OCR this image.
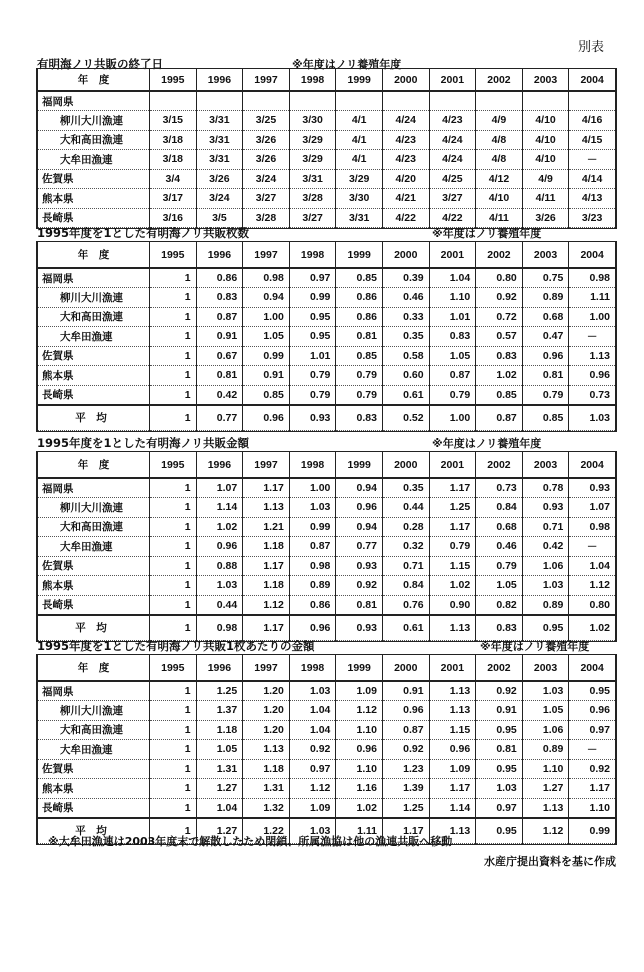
別表
有明海ノリ共販の終了日	※年度はノリ養殖年度
年　度	1995	1996	1997	1998	1999	2000	2001	2002	2003	2004
福岡県										
柳川大川漁連	3/15	3/31	3/25	3/30	4/1	4/24	4/23	4/9	4/10	4/16
大和高田漁連	3/18	3/31	3/26	3/29	4/1	4/23	4/24	4/8	4/10	4/15
大牟田漁連	3/18	3/31	3/26	3/29	4/1	4/23	4/24	4/8	4/10	－
佐賀県	3/4	3/26	3/24	3/31	3/29	4/20	4/25	4/12	4/9	4/14
熊本県	3/17	3/24	3/27	3/28	3/30	4/21	3/27	4/10	4/11	4/13
長崎県	3/16	3/5	3/28	3/27	3/31	4/22	4/22	4/11	3/26	3/23
1995年度を1とした有明海ノリ共販枚数	※年度はノリ養殖年度
年　度	1995	1996	1997	1998	1999	2000	2001	2002	2003	2004
福岡県	1	0.86	0.98	0.97	0.85	0.39	1.04	0.80	0.75	0.98
柳川大川漁連	1	0.83	0.94	0.99	0.86	0.46	1.10	0.92	0.89	1.11
大和高田漁連	1	0.87	1.00	0.95	0.86	0.33	1.01	0.72	0.68	1.00
大牟田漁連	1	0.91	1.05	0.95	0.81	0.35	0.83	0.57	0.47	－
佐賀県	1	0.67	0.99	1.01	0.85	0.58	1.05	0.83	0.96	1.13
熊本県	1	0.81	0.91	0.79	0.79	0.60	0.87	1.02	0.81	0.96
長崎県	1	0.42	0.85	0.79	0.79	0.61	0.79	0.85	0.79	0.73
平　均	1	0.77	0.96	0.93	0.83	0.52	1.00	0.87	0.85	1.03
1995年度を1とした有明海ノリ共販金額	※年度はノリ養殖年度
年　度	1995	1996	1997	1998	1999	2000	2001	2002	2003	2004
福岡県	1	1.07	1.17	1.00	0.94	0.35	1.17	0.73	0.78	0.93
柳川大川漁連	1	1.14	1.13	1.03	0.96	0.44	1.25	0.84	0.93	1.07
大和高田漁連	1	1.02	1.21	0.99	0.94	0.28	1.17	0.68	0.71	0.98
大牟田漁連	1	0.96	1.18	0.87	0.77	0.32	0.79	0.46	0.42	－
佐賀県	1	0.88	1.17	0.98	0.93	0.71	1.15	0.79	1.06	1.04
熊本県	1	1.03	1.18	0.89	0.92	0.84	1.02	1.05	1.03	1.12
長崎県	1	0.44	1.12	0.86	0.81	0.76	0.90	0.82	0.89	0.80
平　均	1	0.98	1.17	0.96	0.93	0.61	1.13	0.83	0.95	1.02
1995年度を1とした有明海ノリ共販1枚あたりの金額	※年度はノリ養殖年度
年　度	1995	1996	1997	1998	1999	2000	2001	2002	2003	2004
福岡県	1	1.25	1.20	1.03	1.09	0.91	1.13	0.92	1.03	0.95
柳川大川漁連	1	1.37	1.20	1.04	1.12	0.96	1.13	0.91	1.05	0.96
大和高田漁連	1	1.18	1.20	1.04	1.10	0.87	1.15	0.95	1.06	0.97
大牟田漁連	1	1.05	1.13	0.92	0.96	0.92	0.96	0.81	0.89	－
佐賀県	1	1.31	1.18	0.97	1.10	1.23	1.09	0.95	1.10	0.92
熊本県	1	1.27	1.31	1.12	1.16	1.39	1.17	1.03	1.27	1.17
長崎県	1	1.04	1.32	1.09	1.02	1.25	1.14	0.97	1.13	1.10
平　均	1	1.27	1.22	1.03	1.11	1.17	1.13	0.95	1.12	0.99
※大牟田漁連は2003年度末で解散したため閉鎖、所属漁協は他の漁連共販へ移動
水産庁提出資料を基に作成
